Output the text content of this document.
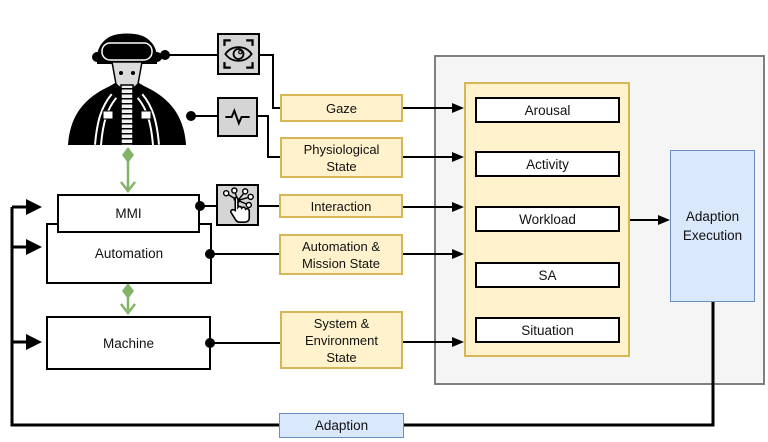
Automation
MMI
Machine
Gaze
Physiological State
Interaction
Automation & Mission State
System & Environment State
Arousal
Activity
Workload
SA
Situation
Adaption Execution
Adaption
